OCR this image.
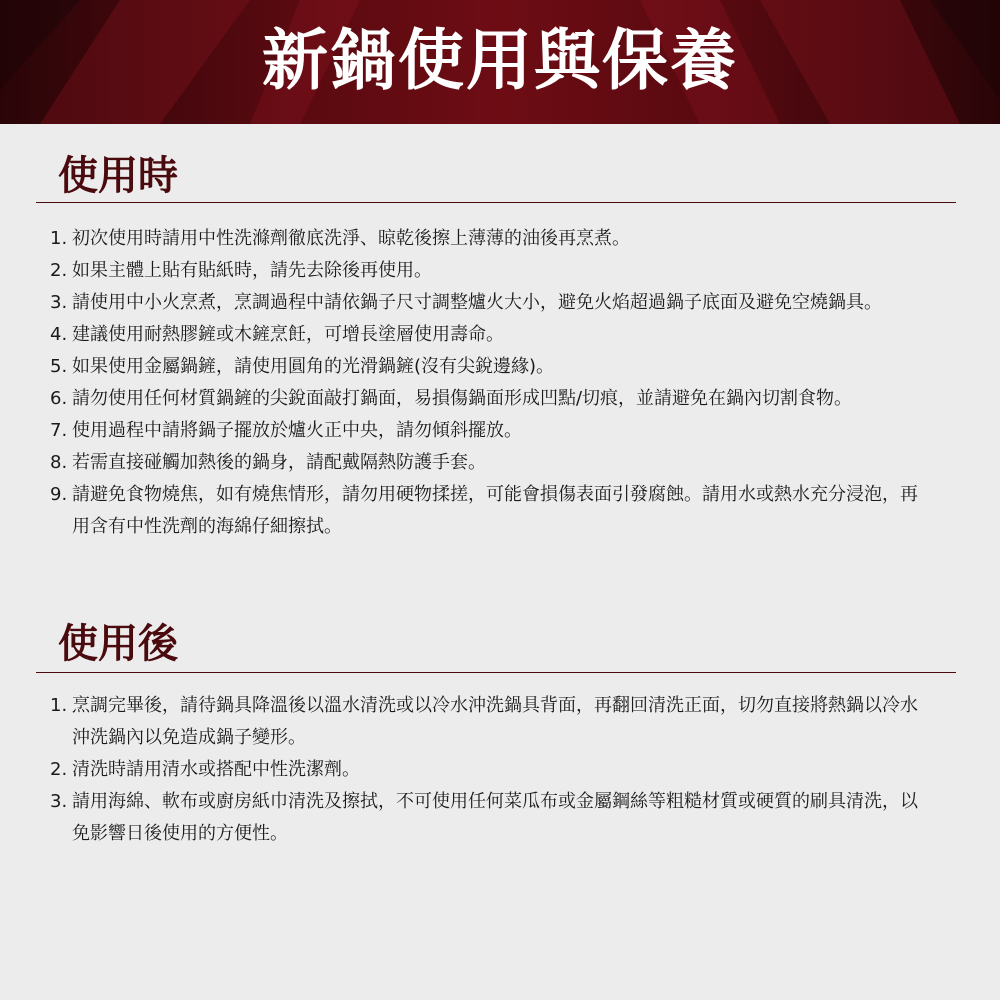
新鍋使用與保養
使用時
1. 初次使用時請用中性洗滌劑徹底洗淨、晾乾後擦上薄薄的油後再烹煮。
2. 如果主體上貼有貼紙時，請先去除後再使用。
3. 請使用中小火烹煮，烹調過程中請依鍋子尺寸調整爐火大小，避免火焰超過鍋子底面及避免空燒鍋具。
4. 建議使用耐熱膠鏟或木鏟烹飪，可增長塗層使用壽命。
5. 如果使用金屬鍋鏟，請使用圓角的光滑鍋鏟(沒有尖銳邊緣)。
6. 請勿使用任何材質鍋鏟的尖銳面敲打鍋面，易損傷鍋面形成凹點/切痕，並請避免在鍋內切割食物。
7. 使用過程中請將鍋子擺放於爐火正中央，請勿傾斜擺放。
8. 若需直接碰觸加熱後的鍋身，請配戴隔熱防護手套。
9. 請避免食物燒焦，如有燒焦情形，請勿用硬物揉搓，可能會損傷表面引發腐蝕。請用水或熱水充分浸泡，再用含有中性洗劑的海綿仔細擦拭。
使用後
1. 烹調完畢後，請待鍋具降溫後以溫水清洗或以冷水沖洗鍋具背面，再翻回清洗正面，切勿直接將熱鍋以冷水沖洗鍋內以免造成鍋子變形。
2. 清洗時請用清水或搭配中性洗潔劑。
3. 請用海綿、軟布或廚房紙巾清洗及擦拭，不可使用任何菜瓜布或金屬鋼絲等粗糙材質或硬質的刷具清洗，以免影響日後使用的方便性。
